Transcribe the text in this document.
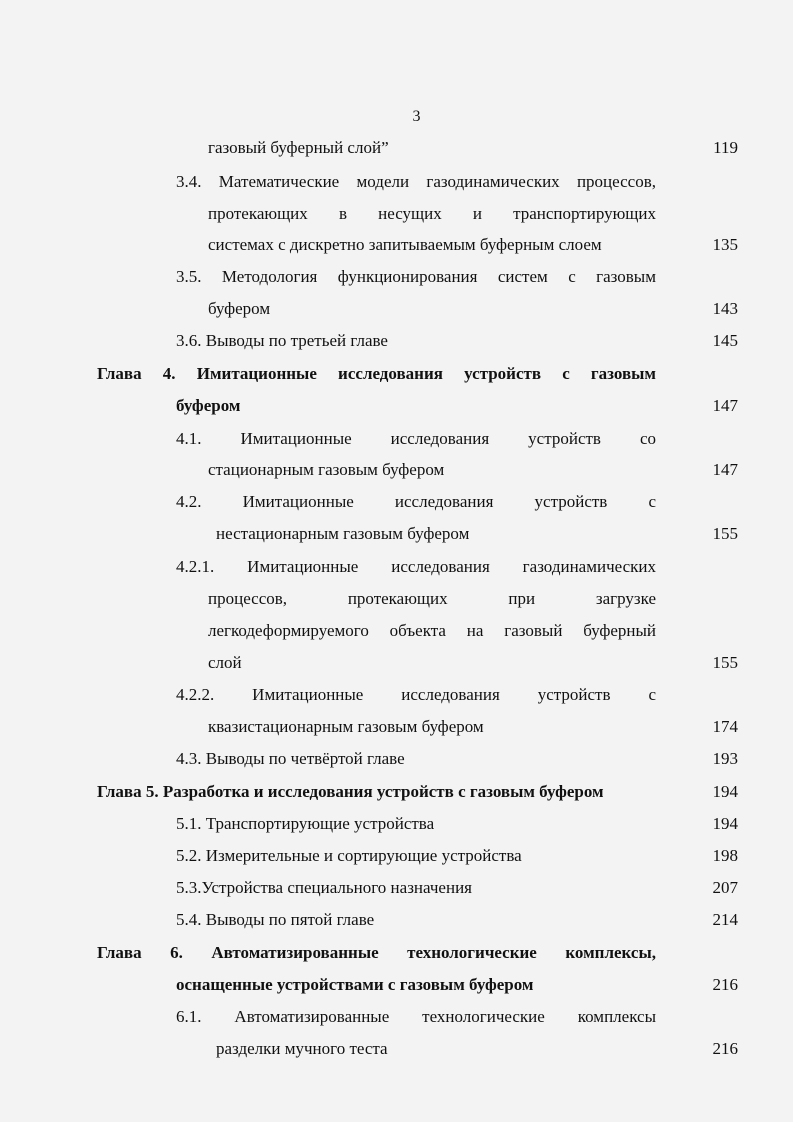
3
газовый буферный слой”	119
3.4. Математические модели газодинамических процессов,
протекающих в несущих и транспортирующих
системах с дискретно запитываемым буферным слоем	135
3.5. Методология функционирования систем с газовым
буфером	143
3.6. Выводы по третьей главе	145
Глава 4. Имитационные исследования устройств с газовым
буфером	147
4.1. Имитационные исследования устройств со
стационарным газовым буфером	147
4.2. Имитационные исследования устройств с
нестационарным газовым буфером	155
4.2.1. Имитационные исследования газодинамических
процессов, протекающих при загрузке
легкодеформируемого объекта на газовый буферный
слой	155
4.2.2. Имитационные исследования устройств с
квазистационарным газовым буфером	174
4.3. Выводы по четвёртой главе	193
Глава 5. Разработка и исследования устройств с газовым буфером	194
5.1. Транспортирующие устройства	194
5.2. Измерительные и сортирующие устройства	198
5.3.Устройства специального назначения	207
5.4. Выводы по пятой главе	214
Глава 6. Автоматизированные технологические комплексы,
оснащенные устройствами с газовым буфером	216
6.1. Автоматизированные технологические комплексы
разделки мучного теста	216
